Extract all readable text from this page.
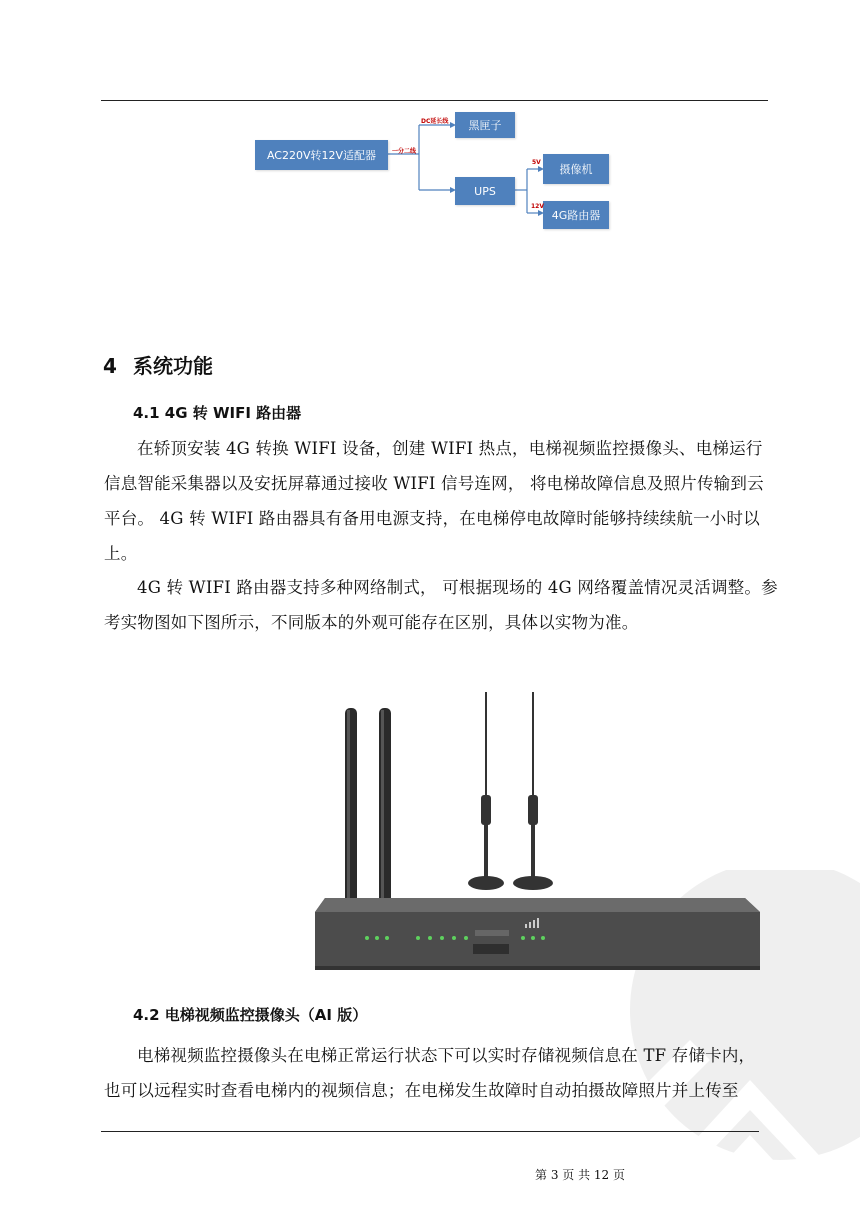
AC220V转12V适配器
黑匣子
UPS
摄像机
4G路由器
一分二线
DC延长线
5V
12V
4 系统功能
4.1 4G 转 WIFI 路由器

在轿顶安装 4G 转换 WIFI 设备，创建 WIFI 热点，电梯视频监控摄像头、电梯运行
信息智能采集器以及安抚屏幕通过接收 WIFI 信号连网， 将电梯故障信息及照片传输到云
平台。 4G 转 WIFI 路由器具有备用电源支持，在电梯停电故障时能够持续续航一小时以
上。

4G 转 WIFI 路由器支持多种网络制式， 可根据现场的 4G 网络覆盖情况灵活调整。参
考实物图如下图所示，不同版本的外观可能存在区别，具体以实物为准。

4.2 电梯视频监控摄像头（AI 版）

电梯视频监控摄像头在电梯正常运行状态下可以实时存储视频信息在 TF 存储卡内，
也可以远程实时查看电梯内的视频信息；在电梯发生故障时自动拍摄故障照片并上传至

第 3 页 共 12 页
